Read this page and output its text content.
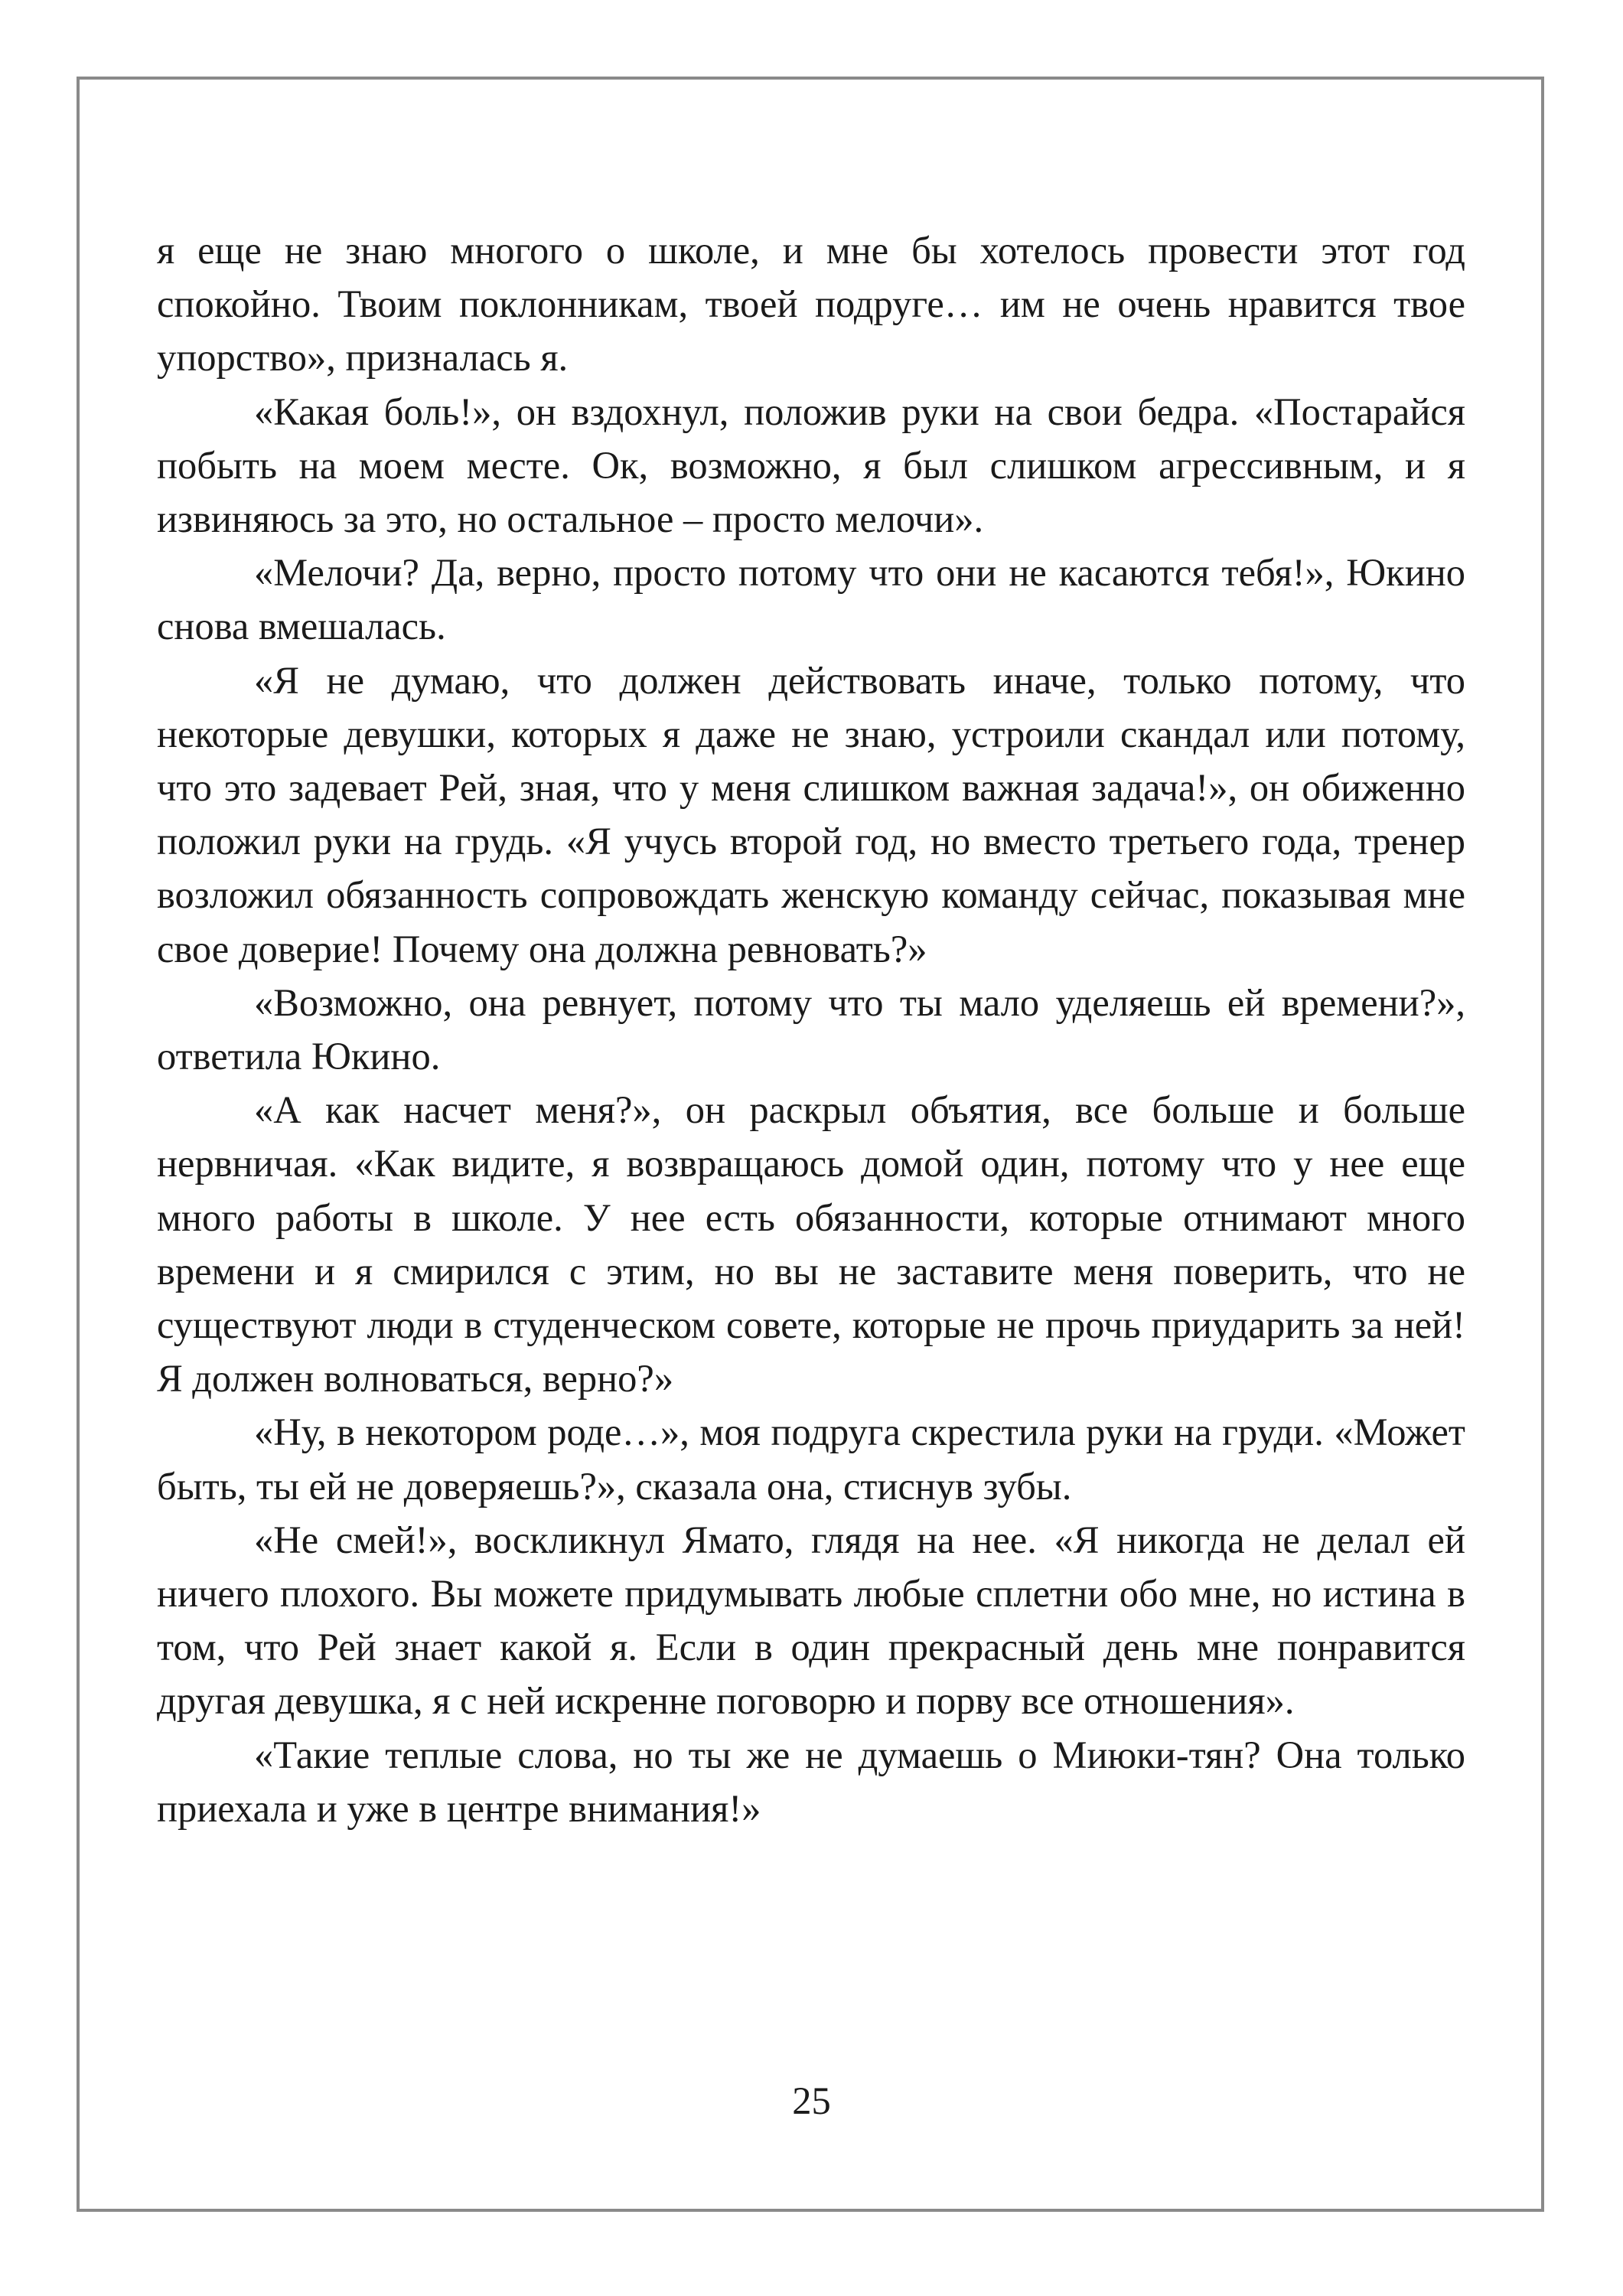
я еще не знаю многого о школе, и мне бы хотелось провести этот год спокойно. Твоим поклонникам, твоей подруге… им не очень нравится твое упорство», призналась я.

«Какая боль!», он вздохнул, положив руки на свои бедра. «Постарайся побыть на моем месте. Ок, возможно, я был слишком агрессивным, и я извиняюсь за это, но остальное – просто мелочи».

«Мелочи? Да, верно, просто потому что они не касаются тебя!», Юкино снова вмешалась.

«Я не думаю, что должен действовать иначе, только потому, что некоторые девушки, которых я даже не знаю, устроили скандал или потому, что это задевает Рей, зная, что у меня слишком важная задача!», он обиженно положил руки на грудь. «Я учусь второй год, но вместо третьего года, тренер возложил обязанность сопровождать женскую команду сейчас, показывая мне свое доверие! Почему она должна ревновать?»

«Возможно, она ревнует, потому что ты мало уделяешь ей времени?», ответила Юкино.

«А как насчет меня?», он раскрыл объятия, все больше и больше нервничая. «Как видите, я возвращаюсь домой один, потому что у нее еще много работы в школе. У нее есть обязанности, которые отнимают много времени и я смирился с этим, но вы не заставите меня поверить, что не существуют люди в студенческом совете, которые не прочь приударить за ней! Я должен волноваться, верно?»

«Ну, в некотором роде…», моя подруга скрестила руки на груди. «Может быть, ты ей не доверяешь?», сказала она, стиснув зубы.

«Не смей!», воскликнул Ямато, глядя на нее. «Я никогда не делал ей ничего плохого. Вы можете придумывать любые сплетни обо мне, но истина в том, что Рей знает какой я. Если в один прекрасный день мне понравится другая девушка, я с ней искренне поговорю и порву все отношения».

«Такие теплые слова, но ты же не думаешь о Миюки-тян? Она только приехала и уже в центре внимания!»

25
